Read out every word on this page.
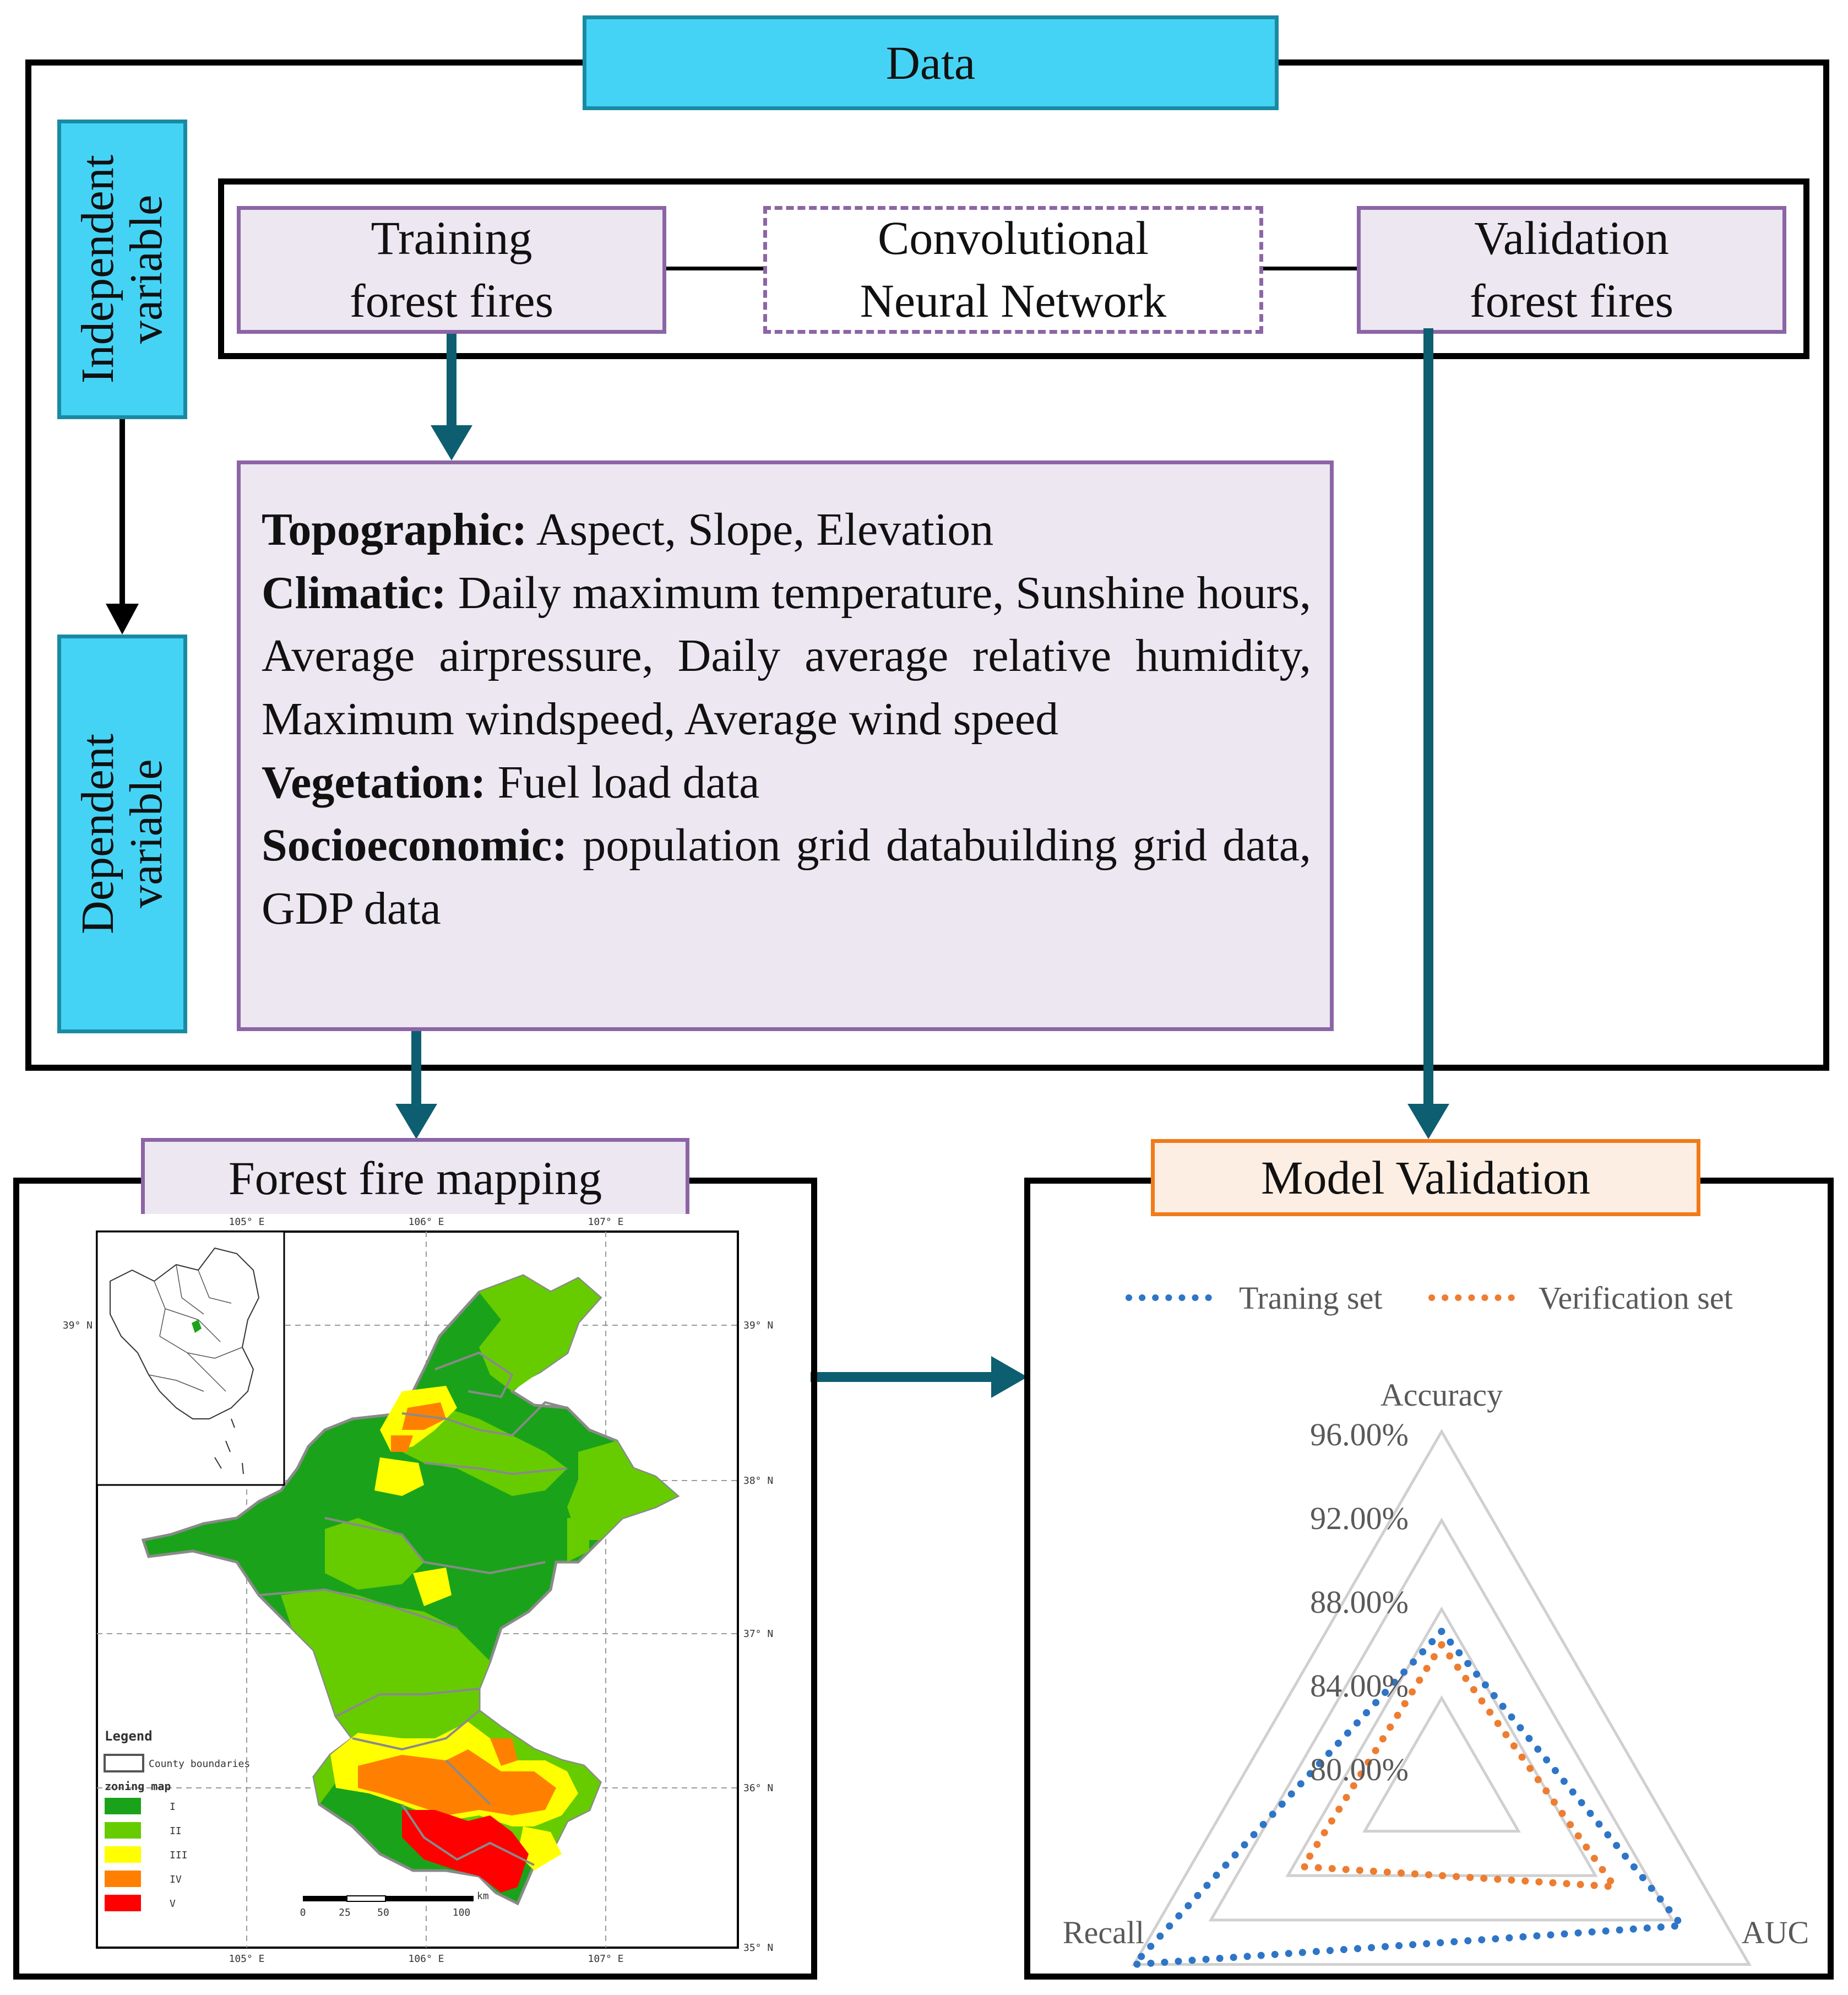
Data
Independent
variable
Dependent
variable
Training
forest fires
Convolutional
Neural Network
Validation
forest fires

Topographic: Aspect, Slope, Elevation

Climatic: Daily maximum temperature, Sunshine hours, Average airpressure, Daily average relative humidity, Maximum windspeed, Average wind speed

Vegetation: Fuel load data

Socioeconomic: population grid databuilding grid data, GDP data

Forest fire mapping
105° E	106° E	107° E
105° E	106° E	107° E
39° N	39° N
38° N
37° N
36° N
35° N
Legend
County boundaries
zoning map
I
II
III
IV
V
0	25	50	100
km
Model Validation
Traning set	Verification set
Accuracy
AUC
Recall
96.00%
92.00%
88.00%
84.00%
80.00%
